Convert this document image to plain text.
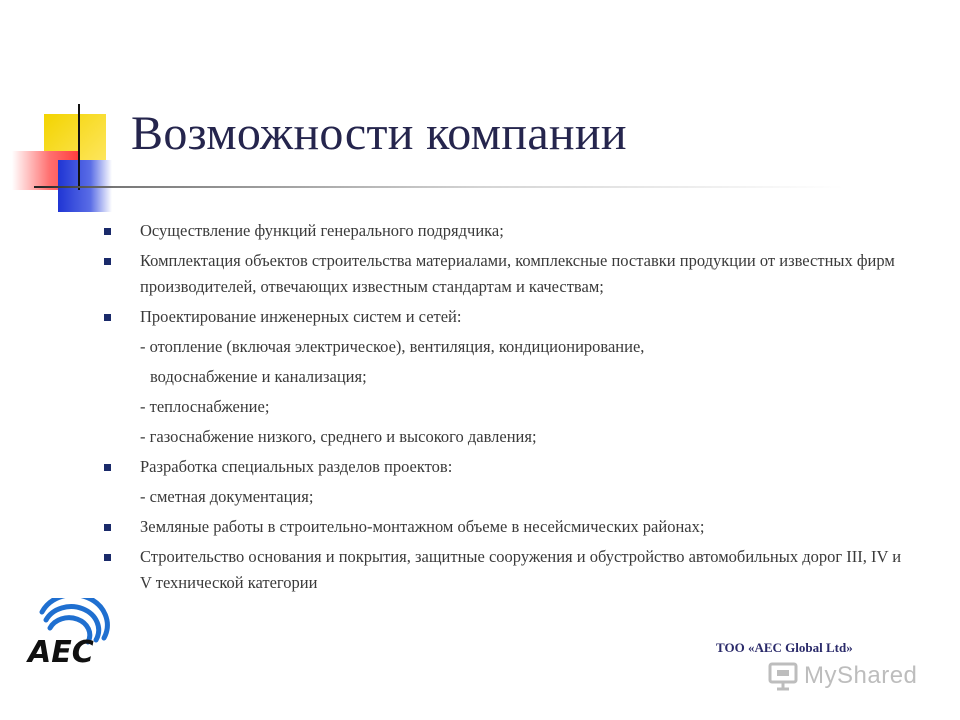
Возможности компании
Осуществление функций генерального подрядчика;
Комплектация объектов строительства материалами, комплексные поставки продукции от известных фирм производителей, отвечающих известным стандартам и качествам;
Проектирование инженерных систем и сетей:
- отопление (включая электрическое), вентиляция, кондиционирование,
водоснабжение и канализация;
- теплоснабжение;
- газоснабжение низкого, среднего и высокого давления;
Разработка специальных разделов проектов:
- сметная документация;
Земляные работы в строительно-монтажном объеме в несейсмических районах;
Строительство основания и покрытия, защитные сооружения и обустройство автомобильных дорог III, IV и V технической категории
AEC	ТОО «AEC Global Ltd»
MyShared
